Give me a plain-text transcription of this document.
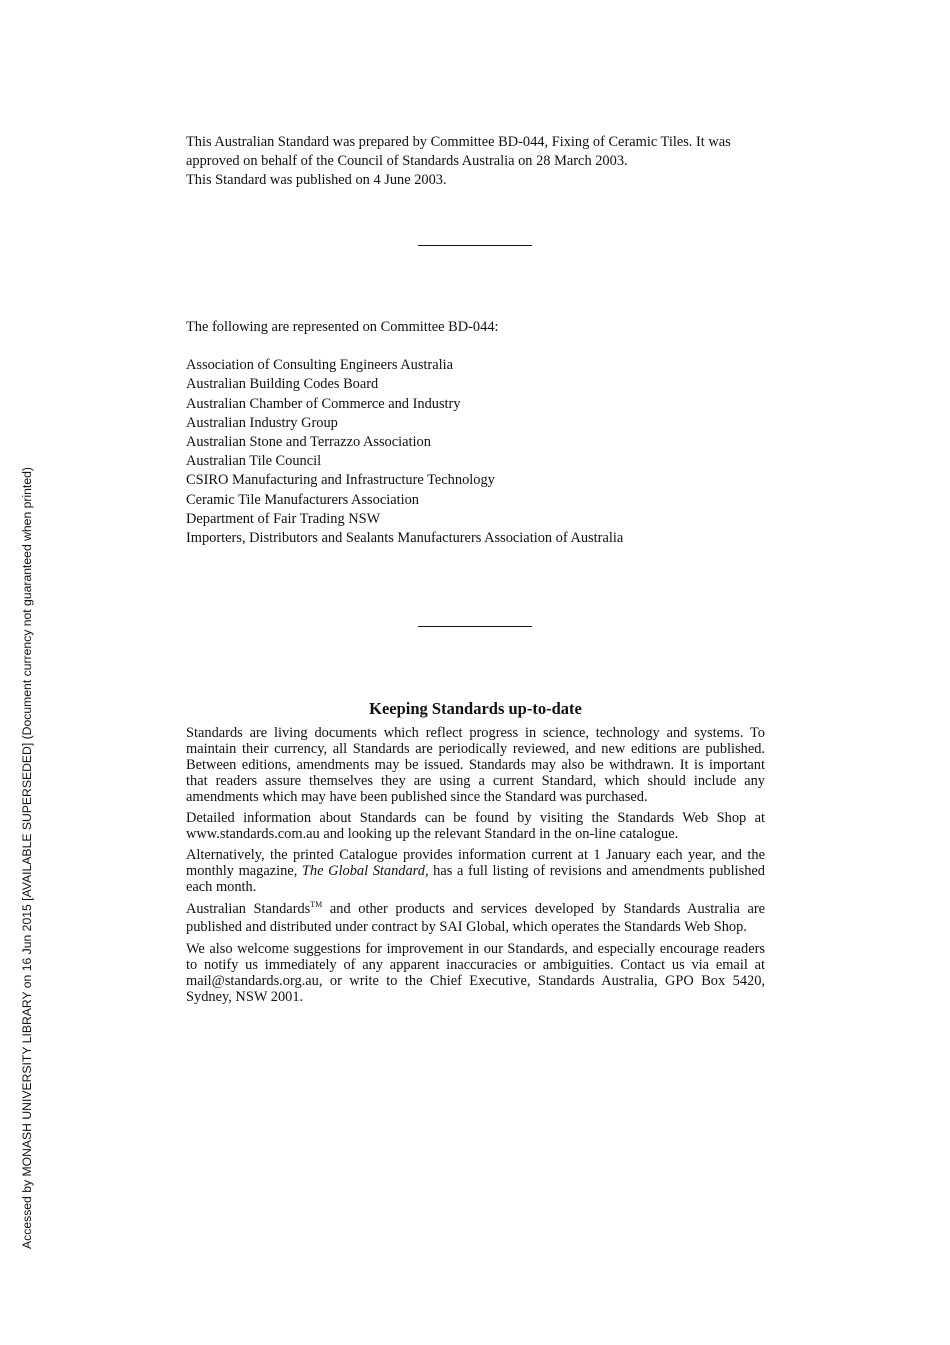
This Australian Standard was prepared by Committee BD-044, Fixing of Ceramic Tiles. It was approved on behalf of the Council of Standards Australia on 28 March 2003.

This Standard was published on 4 June 2003.

The following are represented on Committee BD-044:

Association of Consulting Engineers Australia
Australian Building Codes Board
Australian Chamber of Commerce and Industry
Australian Industry Group
Australian Stone and Terrazzo Association
Australian Tile Council
CSIRO Manufacturing and Infrastructure Technology
Ceramic Tile Manufacturers Association
Department of Fair Trading NSW
Importers, Distributors and Sealants Manufacturers Association of Australia
Keeping Standards up-to-date

Standards are living documents which reflect progress in science, technology and systems. To maintain their currency, all Standards are periodically reviewed, and new editions are published. Between editions, amendments may be issued. Standards may also be withdrawn. It is important that readers assure themselves they are using a current Standard, which should include any amendments which may have been published since the Standard was purchased.

Detailed information about Standards can be found by visiting the Standards Web Shop at www.standards.com.au and looking up the relevant Standard in the on-line catalogue.

Alternatively, the printed Catalogue provides information current at 1 January each year, and the monthly magazine, The Global Standard, has a full listing of revisions and amendments published each month.

Australian Standards™ and other products and services developed by Standards Australia are published and distributed under contract by SAI Global, which operates the Standards Web Shop.

We also welcome suggestions for improvement in our Standards, and especially encourage readers to notify us immediately of any apparent inaccuracies or ambiguities. Contact us via email at mail@standards.org.au, or write to the Chief Executive, Standards Australia, GPO Box 5420, Sydney, NSW 2001.

Accessed by MONASH UNIVERSITY LIBRARY on 16 Jun 2015 [AVAILABLE SUPERSEDED] (Document currency not guaranteed when printed)
